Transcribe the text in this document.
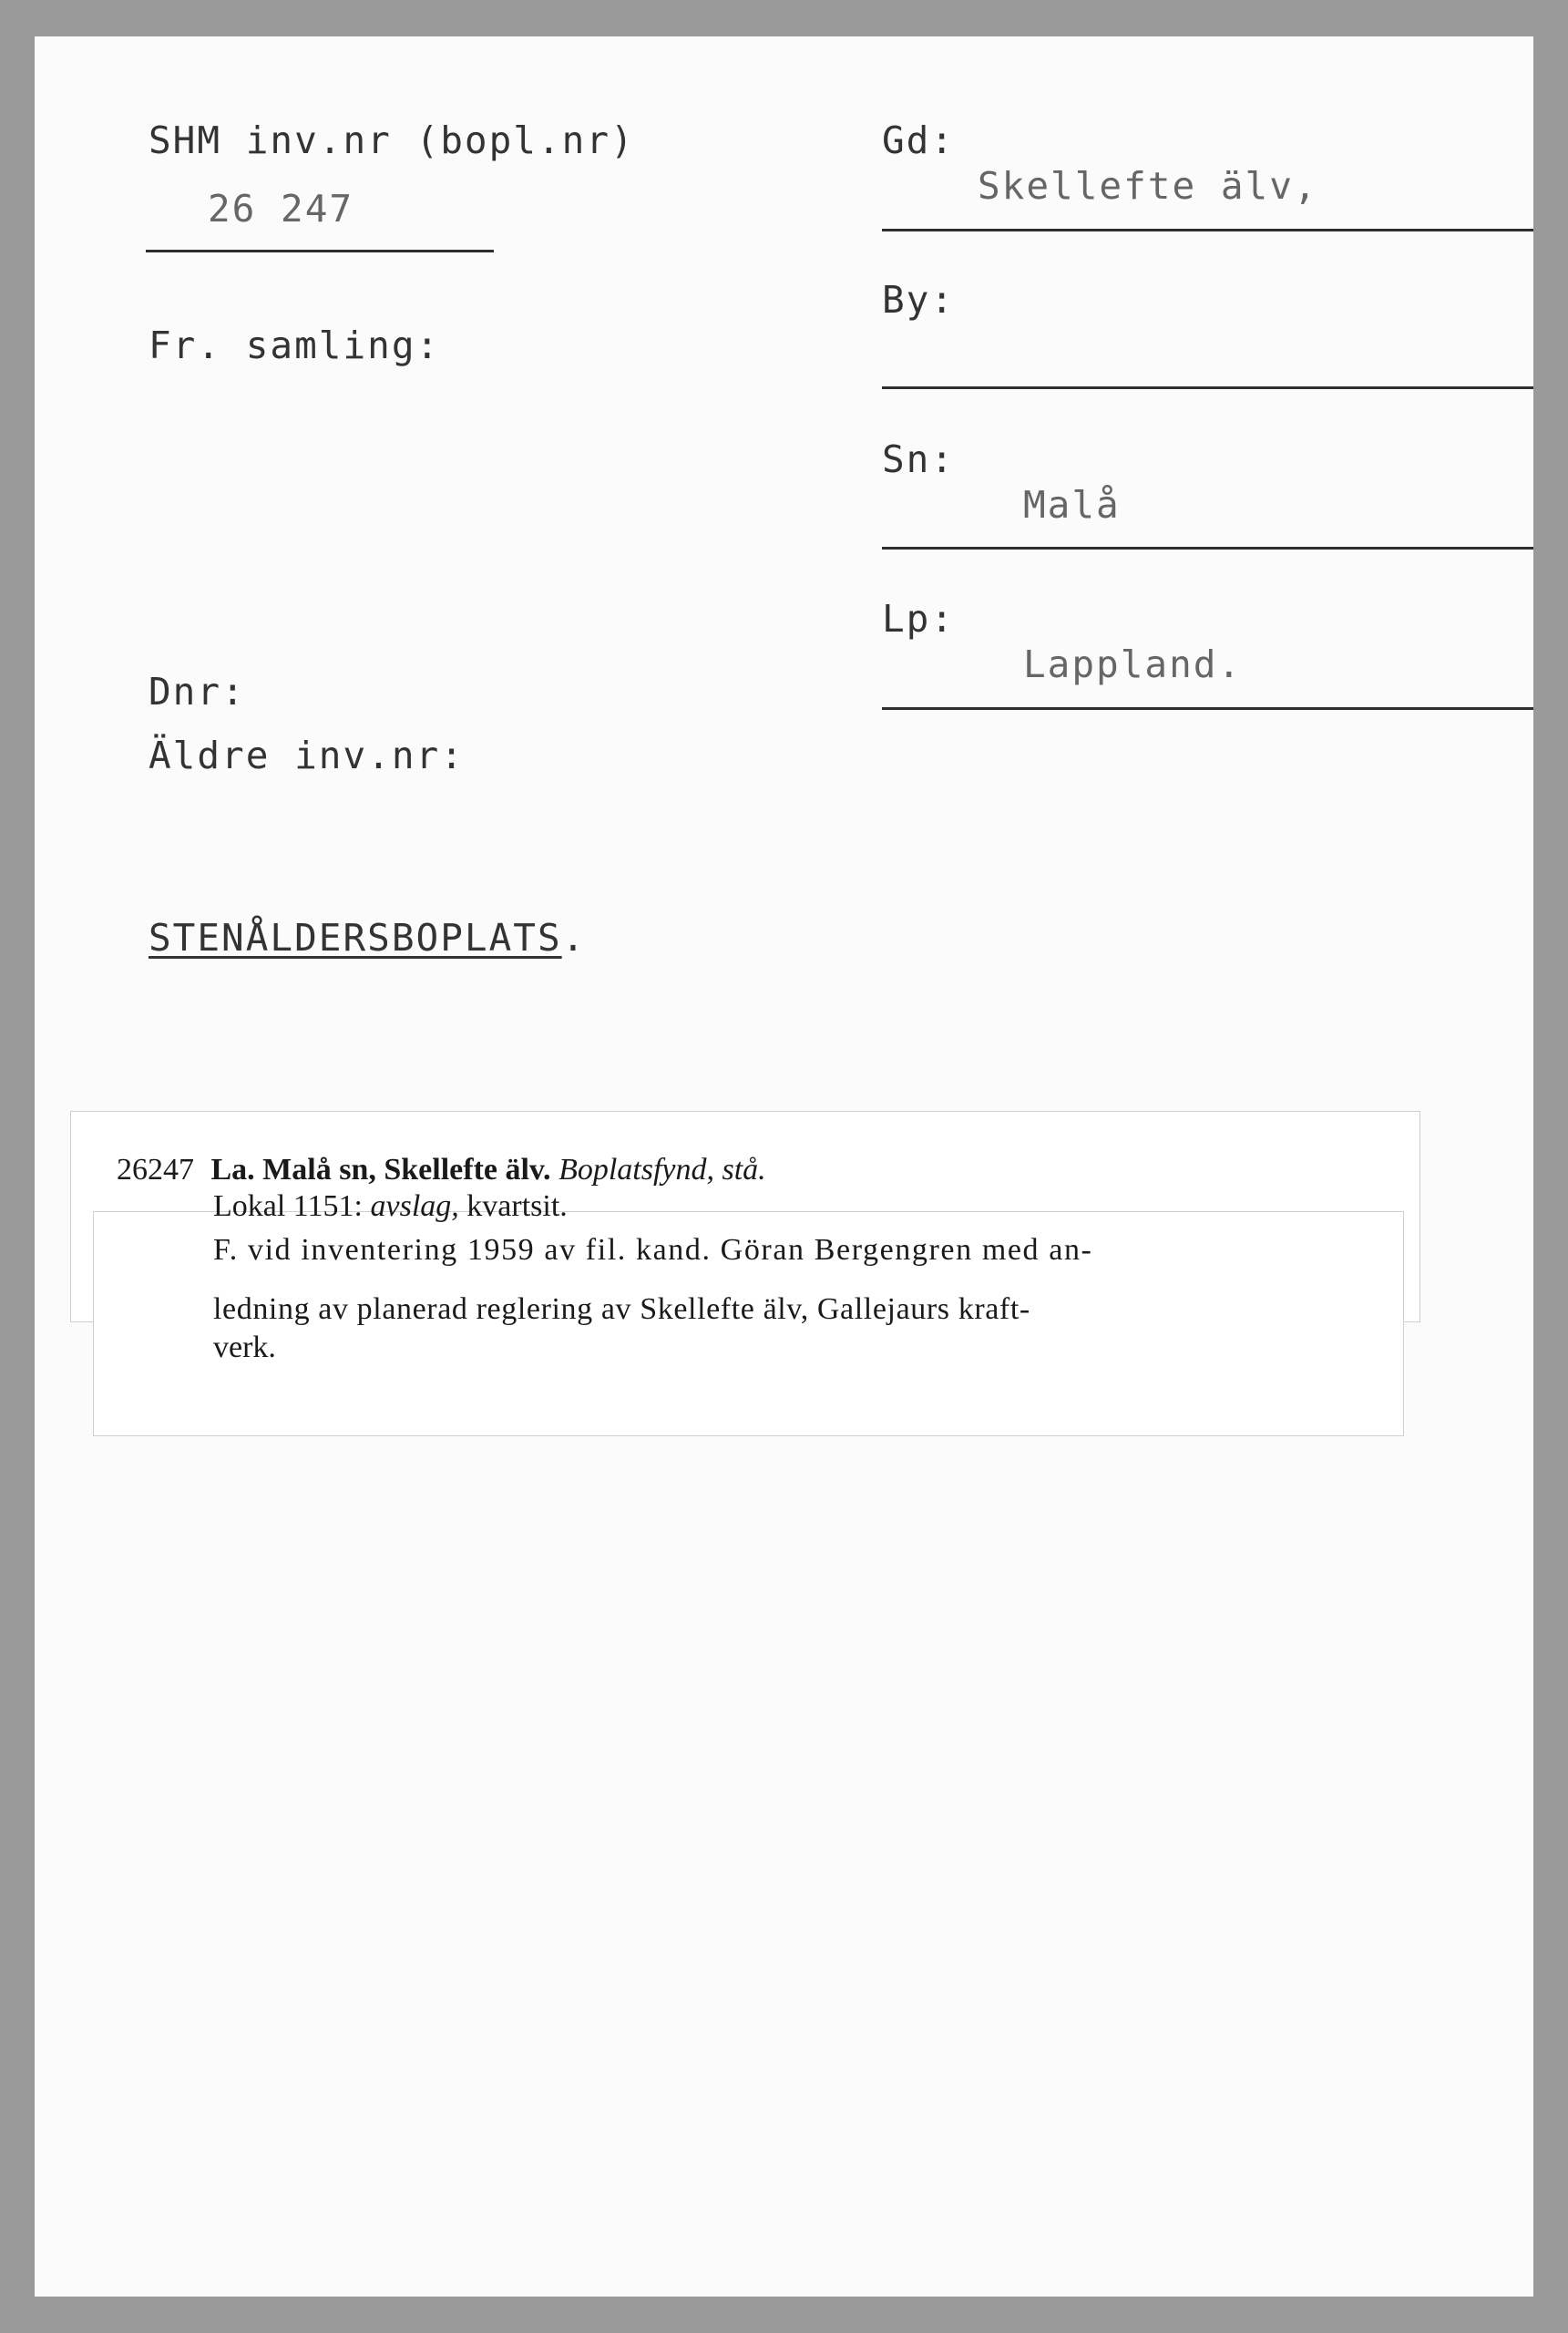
SHM inv.nr (bopl.nr)
26 247
Fr. samling:
Dnr:
Äldre inv.nr:
STENÅLDERSBOPLATS.
Gd:
Skellefte älv,
By:
Sn:
Malå
Lp:
Lappland.
26247 La. Malå sn, Skellefte älv. Boplatsfynd, stå.
Lokal 1151: avslag, kvartsit.
F. vid inventering 1959 av fil. kand. Göran Bergengren med an-
ledning av planerad reglering av Skellefte älv, Gallejaurs kraft-
verk.
